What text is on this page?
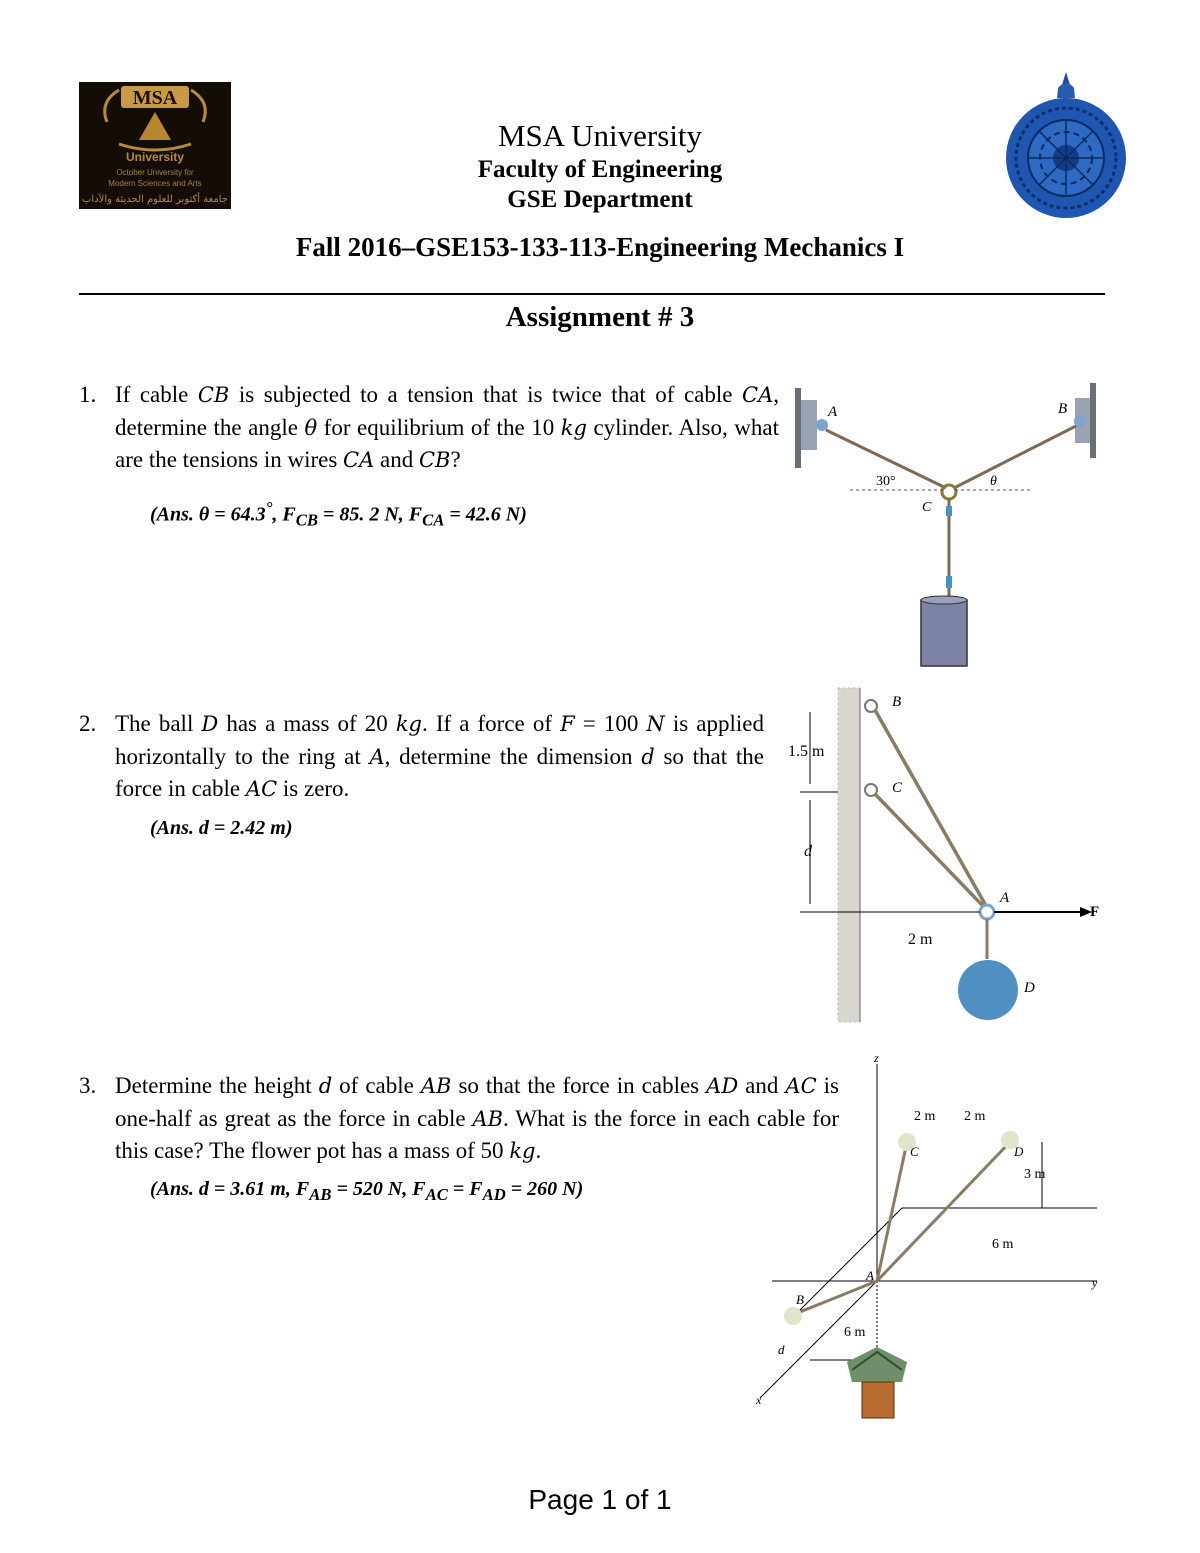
MSA
University
October University for
Modern Sciences and Arts
جامعة أكتوبر للعلوم الحديثة والآداب
MSA University
Faculty of Engineering
GSE Department
Fall 2016–GSE153-133-113-Engineering Mechanics I
Assignment # 3
1. If cable CB is subjected to a tension that is twice that of cable CA, determine the angle θ for equilibrium of the 10 kg cylinder. Also, what are the tensions in wires CA and CB?
(Ans. θ = 64.3°, $F_{CB} = 85$. 2 N, $F_{CA} = 42.6$ N)
A	B
C
30°	θ
2. The ball D has a mass of 20 kg. If a force of F = 100 N is applied horizontally to the ring at A, determine the dimension d so that the force in cable AC is zero.
(Ans. d = 2.42 m)
1.5 m
d
2 m
B
C
A
D
F
3. Determine the height d of cable AB so that the force in cables AD and AC is one-half as great as the force in cable AB. What is the force in each cable for this case? The flower pot has a mass of 50 kg.
(Ans. d = 3.61 m, $F_{AB} = 520$ N, $F_{AC} = F_{AD} = 260$ N)
z
y
x
A
B
C	D
d
2 m 2 m
3 m
6 m
6 m
Page 1 of 1
